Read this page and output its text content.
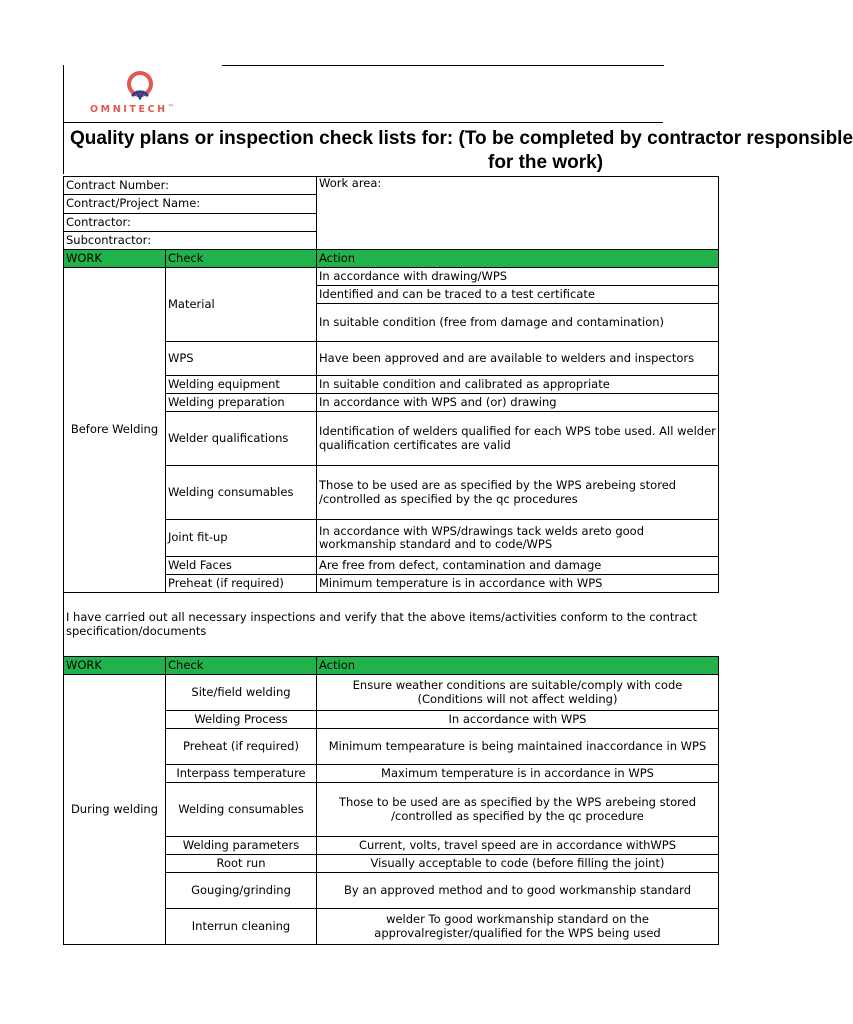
OMNITECH™
Quality plans or inspection check lists for: (To be completed by contractor responsible
for the work)
Contract Number:		Work area:
Contract/Project Name:		
Contractor:		
Subcontractor:		
WORK	Check	Action
Before Welding	Material	In accordance with drawing/WPS
		Identified and can be traced to a test certificate
		In suitable condition (free from damage and contamination)
	WPS	Have been approved and are available to welders and inspectors
	Welding equipment	In suitable condition and calibrated as appropriate
	Welding preparation	In accordance with WPS and (or) drawing
	Welder qualifications	Identification of welders qualified for each WPS tobe used. All welder qualification certificates are valid
	Welding consumables	Those to be used are as specified by the WPS arebeing stored /controlled as specified by the qc procedures
	Joint fit-up	In accordance with WPS/drawings tack welds areto good workmanship standard and to code/WPS
	Weld Faces	Are free from defect, contamination and damage
	Preheat (if required)	Minimum temperature is in accordance with WPS
I have carried out all necessary inspections and verify that the above items/activities conform to the contract specification/documents		
WORK	Check	Action
During welding	Site/field welding	Ensure weather conditions are suitable/comply with code (Conditions will not affect welding)
	Welding Process	In accordance with WPS
	Preheat (if required)	Minimum tempearature is being maintained inaccordance in WPS
	Interpass temperature	Maximum temperature is in accordance in WPS
	Welding consumables	Those to be used are as specified by the WPS arebeing stored /controlled as specified by the qc procedure
	Welding parameters	Current, volts, travel speed are in accordance withWPS
	Root run	Visually acceptable to code (before filling the joint)
	Gouging/grinding	By an approved method and to good workmanship standard
	Interrun cleaning	welder To good workmanship standard on the approvalregister/qualified for the WPS being used
